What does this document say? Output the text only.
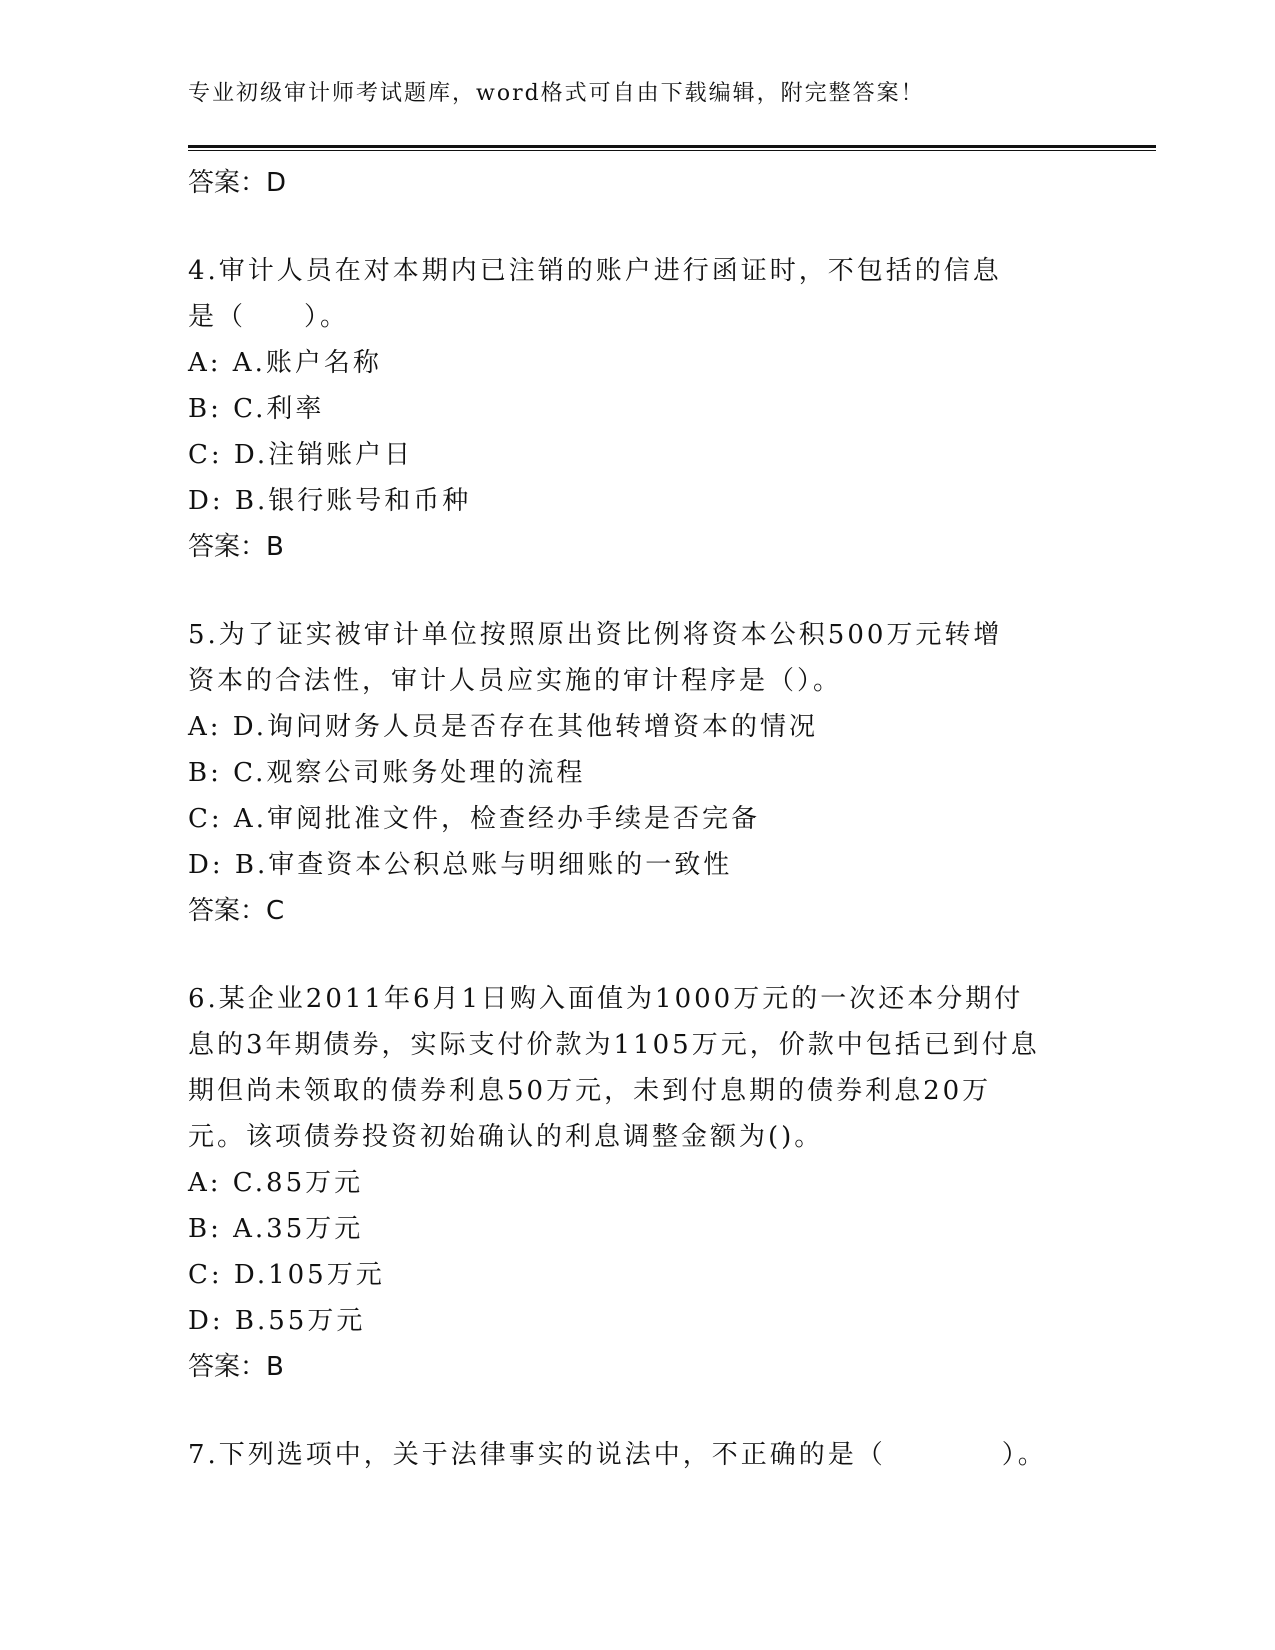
专业初级审计师考试题库，word格式可自由下载编辑，附完整答案！
答案：D
4.审计人员在对本期内已注销的账户进行函证时，不包括的信息是（　　）。
A: A.账户名称
B: C.利率
C: D.注销账户日
D: B.银行账号和币种
答案：B
5.为了证实被审计单位按照原出资比例将资本公积500万元转增资本的合法性，审计人员应实施的审计程序是（）。
A: D.询问财务人员是否存在其他转增资本的情况
B: C.观察公司账务处理的流程
C: A.审阅批准文件，检查经办手续是否完备
D: B.审查资本公积总账与明细账的一致性
答案：C
6.某企业2011年6月1日购入面值为1000万元的一次还本分期付息的3年期债券，实际支付价款为1105万元，价款中包括已到付息期但尚未领取的债券利息50万元，未到付息期的债券利息20万元。该项债券投资初始确认的利息调整金额为()。
A: C.85万元
B: A.35万元
C: D.105万元
D: B.55万元
答案：B
7.下列选项中，关于法律事实的说法中，不正确的是（　　　　）。
